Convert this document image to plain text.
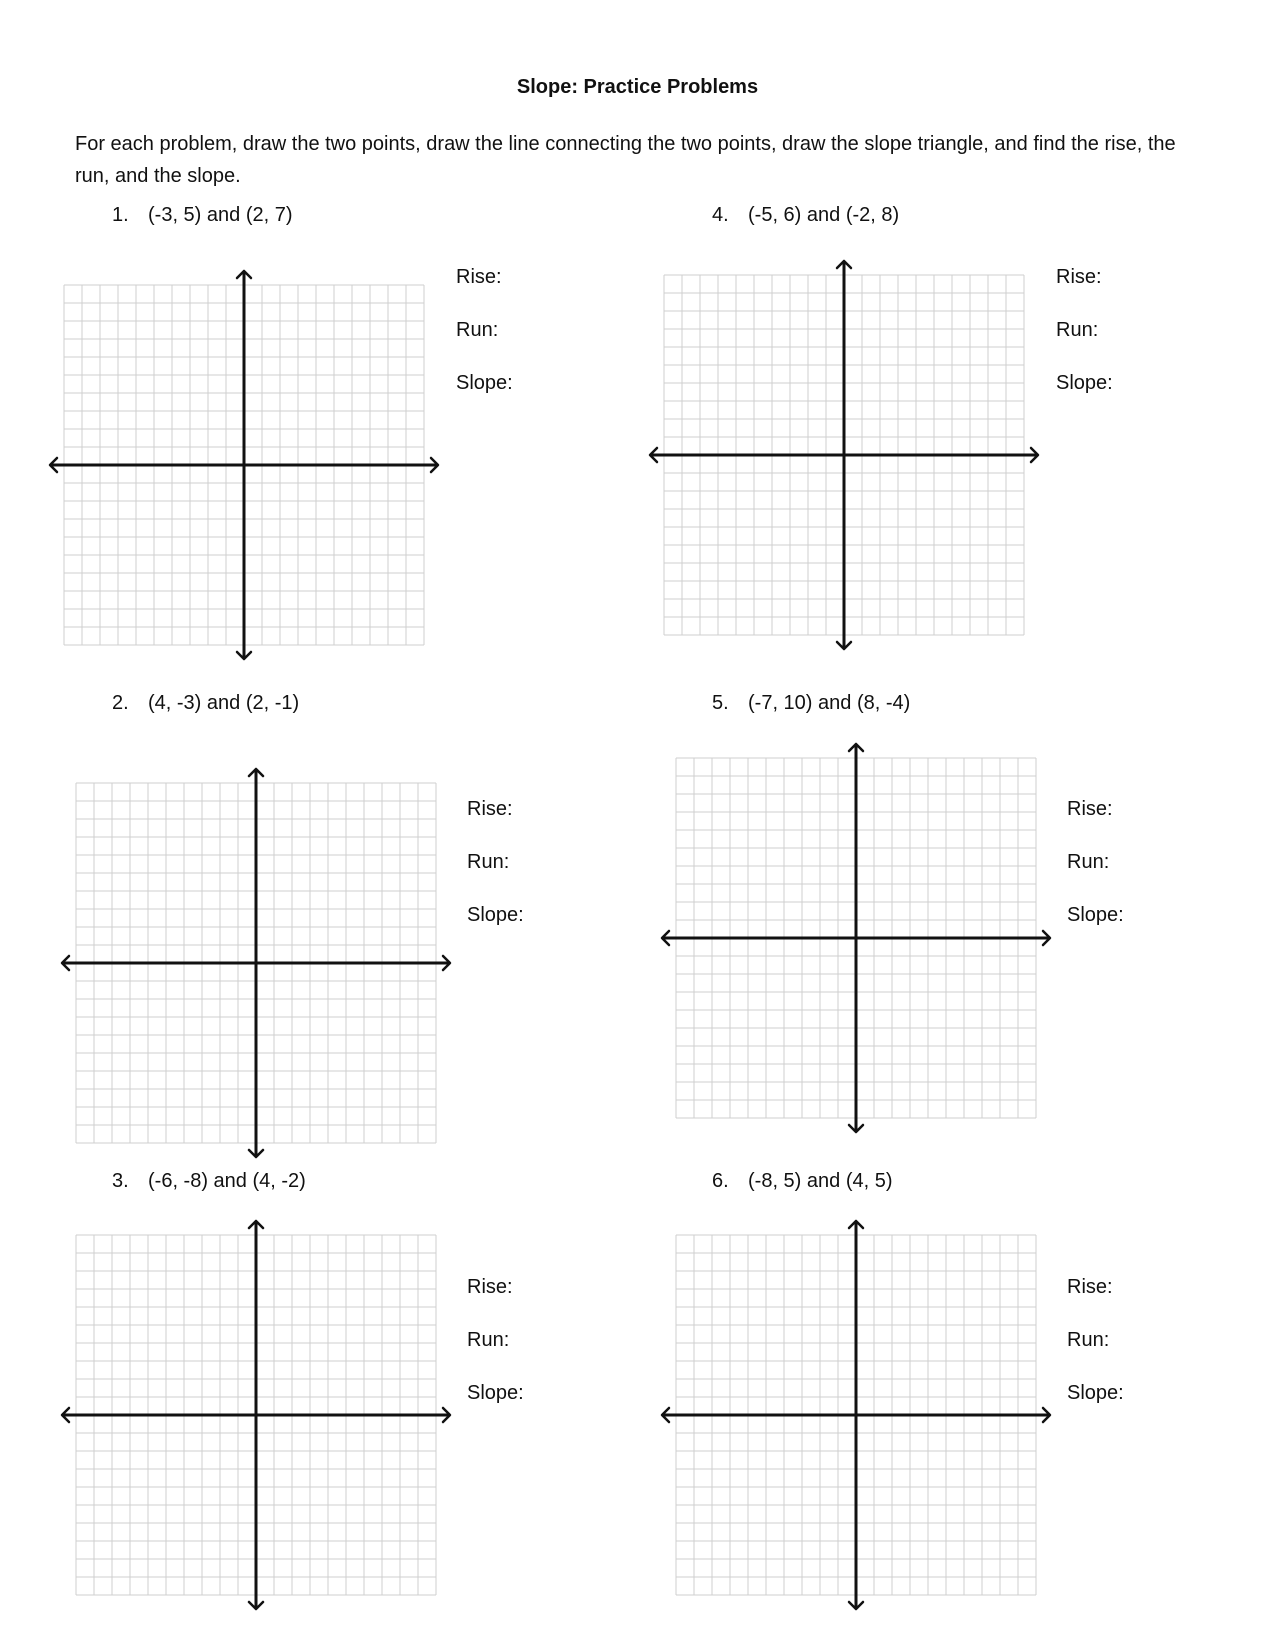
Slope: Practice Problems
For each problem, draw the two points, draw the line connecting the two points, draw the slope triangle, and find the rise, the run, and the slope.
1. (-3, 5) and (2, 7)
Rise:
Run:
Slope:
4. (-5, 6) and (-2, 8)
Rise:
Run:
Slope:
2. (4, -3) and (2, -1)
Rise:
Run:
Slope:
5. (-7, 10) and (8, -4)
Rise:
Run:
Slope:
3. (-6, -8) and (4, -2)
Rise:
Run:
Slope:
6. (-8, 5) and (4, 5)
Rise:
Run:
Slope:
